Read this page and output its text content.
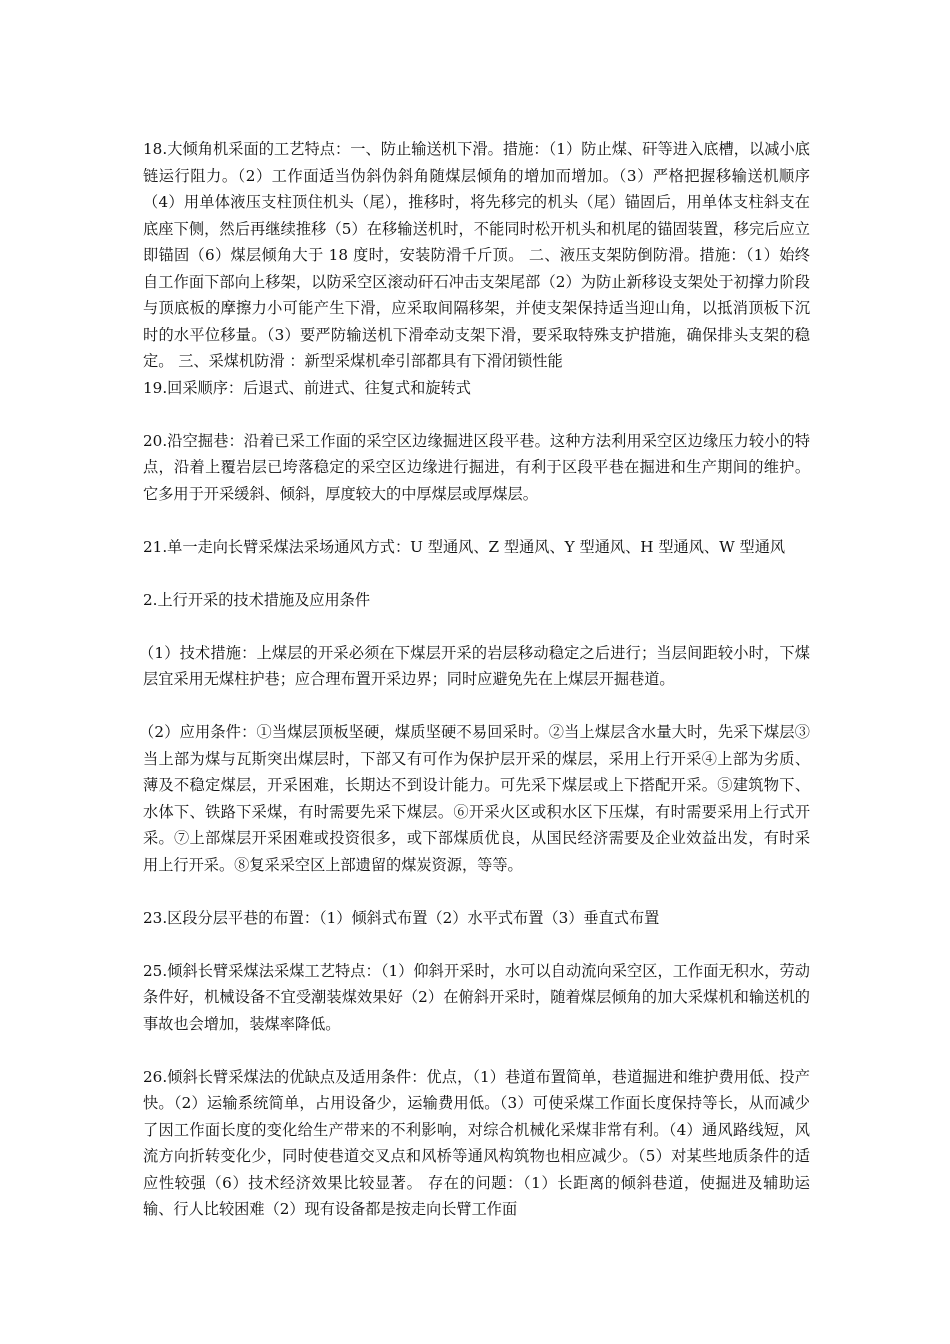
18.大倾角机采面的工艺特点：一、防止输送机下滑。措施：（1）防止煤、矸等进入底槽，以减小底链运行阻力。（2）工作面适当伪斜伪斜角随煤层倾角的增加而增加。（3）严格把握移输送机顺序（4）用单体液压支柱顶住机头（尾），推移时，将先移完的机头（尾）锚固后，用单体支柱斜支在底座下侧，然后再继续推移（5）在移输送机时，不能同时松开机头和机尾的锚固装置，移完后应立即锚固（6）煤层倾角大于 18 度时，安装防滑千斤顶。 二、液压支架防倒防滑。措施：（1）始终自工作面下部向上移架，以防采空区滚动矸石冲击支架尾部（2）为防止新移设支架处于初撑力阶段与顶底板的摩擦力小可能产生下滑，应采取间隔移架，并使支架保持适当迎山角，以抵消顶板下沉时的水平位移量。（3）要严防输送机下滑牵动支架下滑，要采取特殊支护措施，确保排头支架的稳定。 三、采煤机防滑 ：新型采煤机牵引部都具有下滑闭锁性能

19.回采顺序：后退式、前进式、往复式和旋转式

20.沿空掘巷：沿着已采工作面的采空区边缘掘进区段平巷。这种方法利用采空区边缘压力较小的特点，沿着上覆岩层已垮落稳定的采空区边缘进行掘进，有利于区段平巷在掘进和生产期间的维护。它多用于开采缓斜、倾斜，厚度较大的中厚煤层或厚煤层。

21.单一走向长臂采煤法采场通风方式：U 型通风、Z 型通风、Y 型通风、H 型通风、W 型通风

2.上行开采的技术措施及应用条件

（1）技术措施：上煤层的开采必须在下煤层开采的岩层移动稳定之后进行；当层间距较小时，下煤层宜采用无煤柱护巷；应合理布置开采边界；同时应避免先在上煤层开掘巷道。

（2）应用条件：①当煤层顶板坚硬，煤质坚硬不易回采时。②当上煤层含水量大时，先采下煤层③当上部为煤与瓦斯突出煤层时，下部又有可作为保护层开采的煤层，采用上行开采④上部为劣质、薄及不稳定煤层，开采困难，长期达不到设计能力。可先采下煤层或上下搭配开采。⑤建筑物下、水体下、铁路下采煤，有时需要先采下煤层。⑥开采火区或积水区下压煤，有时需要采用上行式开采。⑦上部煤层开采困难或投资很多，或下部煤质优良，从国民经济需要及企业效益出发，有时采用上行开采。⑧复采采空区上部遗留的煤炭资源，等等。

23.区段分层平巷的布置：（1）倾斜式布置（2）水平式布置（3）垂直式布置

25.倾斜长臂采煤法采煤工艺特点：（1）仰斜开采时，水可以自动流向采空区，工作面无积水，劳动条件好，机械设备不宜受潮装煤效果好（2）在俯斜开采时，随着煤层倾角的加大采煤机和输送机的事故也会增加，装煤率降低。

26.倾斜长臂采煤法的优缺点及适用条件：优点，（1）巷道布置简单，巷道掘进和维护费用低、投产快。（2）运输系统简单，占用设备少，运输费用低。（3）可使采煤工作面长度保持等长，从而减少了因工作面长度的变化给生产带来的不利影响，对综合机械化采煤非常有利。（4）通风路线短，风流方向折转变化少，同时使巷道交叉点和风桥等通风构筑物也相应减少。（5）对某些地质条件的适应性较强（6）技术经济效果比较显著。 存在的问题：（1）长距离的倾斜巷道，使掘进及辅助运输、行人比较困难（2）现有设备都是按走向长臂工作面
